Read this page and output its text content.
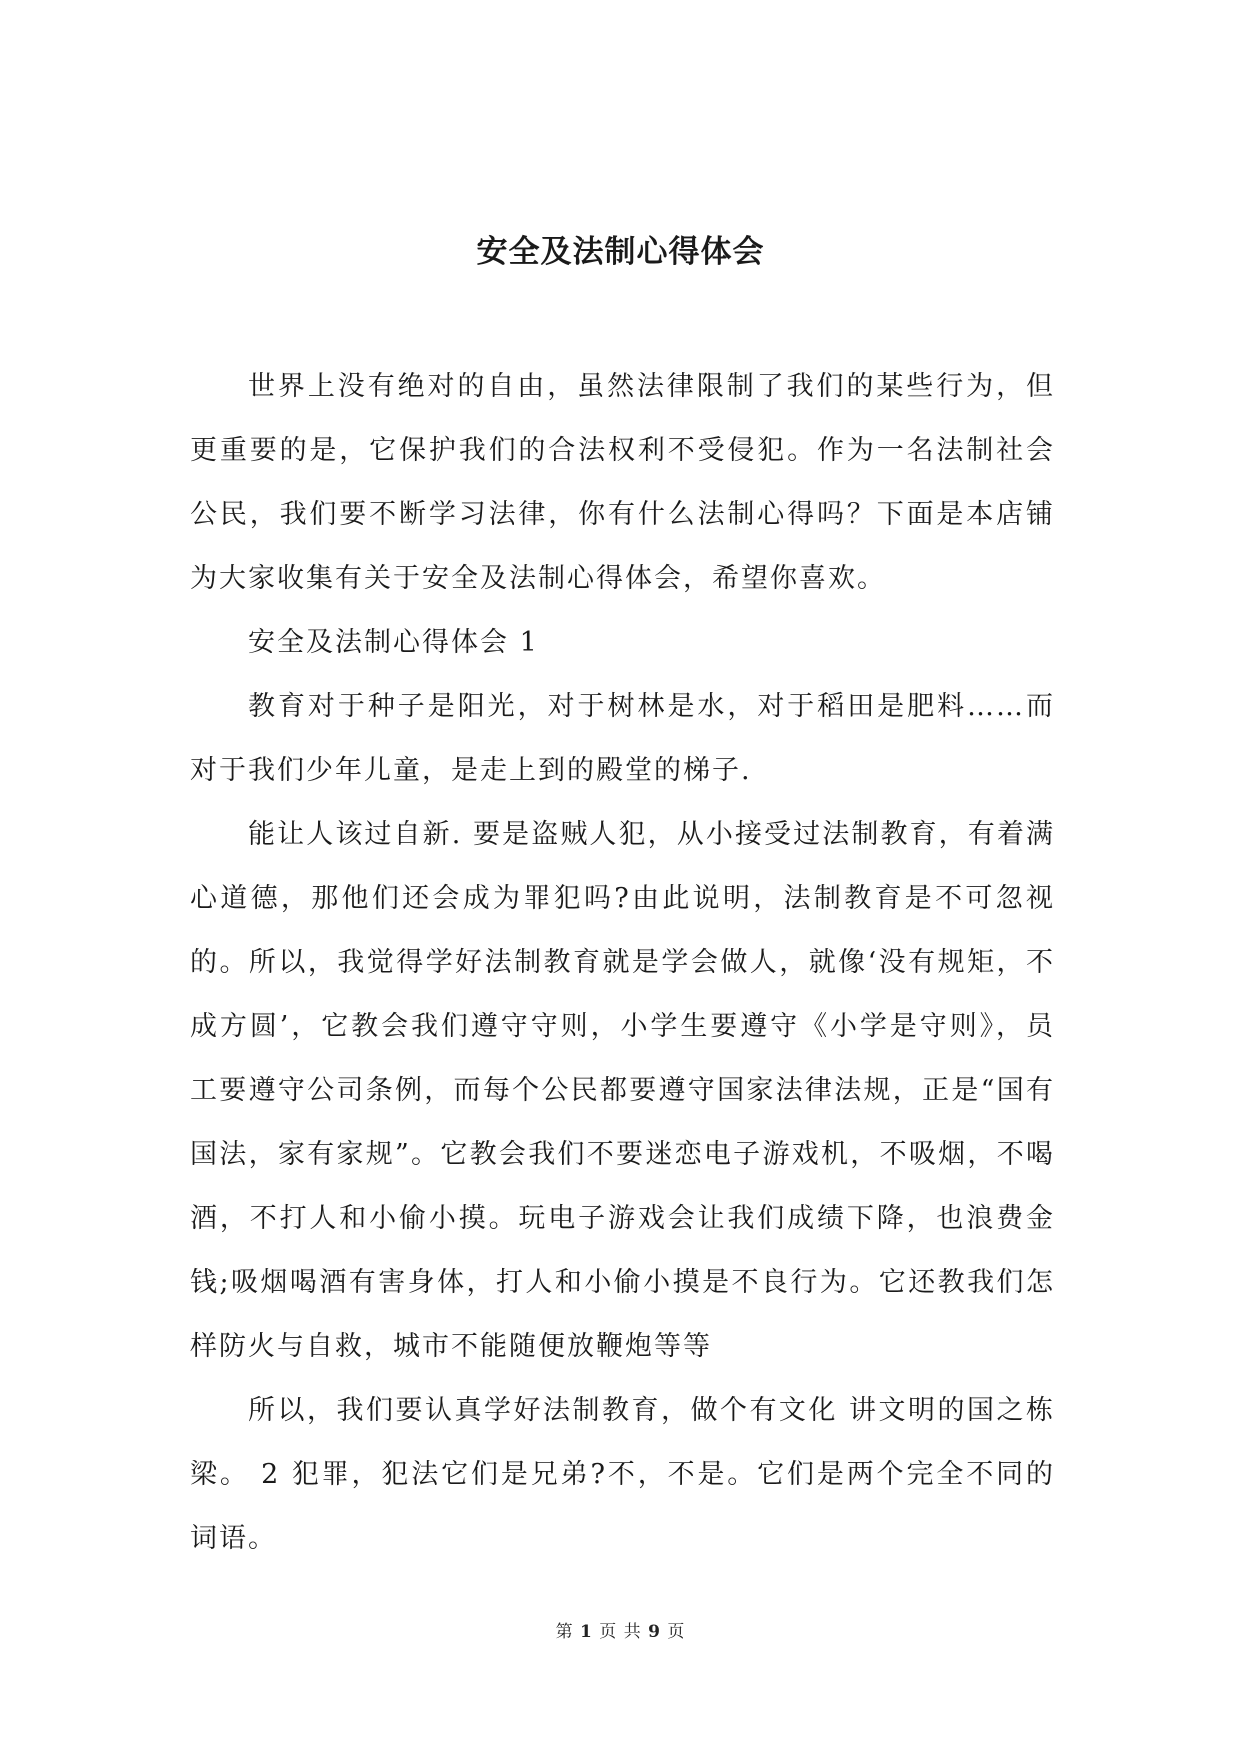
安全及法制心得体会

世界上没有绝对的自由，虽然法律限制了我们的某些行为，但更重要的是，它保护我们的合法权利不受侵犯。作为一名法制社会公民，我们要不断学习法律，你有什么法制心得吗？下面是本店铺为大家收集有关于安全及法制心得体会，希望你喜欢。

安全及法制心得体会 1

教育对于种子是阳光，对于树林是水，对于稻田是肥料……而对于我们少年儿童，是走上到的殿堂的梯子.

能让人该过自新. 要是盗贼人犯，从小接受过法制教育，有着满心道德，那他们还会成为罪犯吗?由此说明，法制教育是不可忽视的。所以，我觉得学好法制教育就是学会做人，就像‘没有规矩，不成方圆’，它教会我们遵守守则，小学生要遵守《小学是守则》，员工要遵守公司条例，而每个公民都要遵守国家法律法规，正是“国有国法，家有家规”。它教会我们不要迷恋电子游戏机，不吸烟，不喝酒，不打人和小偷小摸。玩电子游戏会让我们成绩下降，也浪费金钱;吸烟喝酒有害身体，打人和小偷小摸是不良行为。它还教我们怎样防火与自救，城市不能随便放鞭炮等等

所以，我们要认真学好法制教育，做个有文化 讲文明的国之栋梁。 2 犯罪，犯法它们是兄弟?不，不是。它们是两个完全不同的词语。

第 1 页 共 9 页
